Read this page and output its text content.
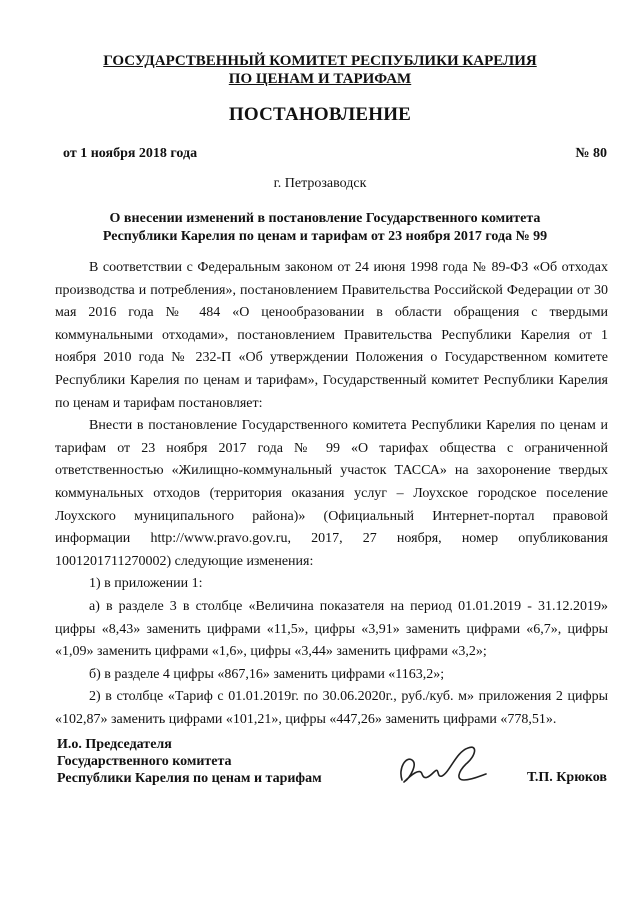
ГОСУДАРСТВЕННЫЙ КОМИТЕТ РЕСПУБЛИКИ КАРЕЛИЯ
ПО ЦЕНАМ И ТАРИФАМ
ПОСТАНОВЛЕНИЕ
от 1 ноября 2018 года	№ 80
г. Петрозаводск
О внесении изменений в постановление Государственного комитета
Республики Карелия по ценам и тарифам от 23 ноября 2017 года № 99

В соответствии с Федеральным законом от 24 июня 1998 года № 89-ФЗ «Об отходах производства и потребления», постановлением Правительства Российской Федерации от 30 мая 2016 года № 484 «О ценообразовании в области обращения с твердыми коммунальными отходами», постановлением Правительства Республики Карелия от 1 ноября 2010 года № 232-П «Об утверждении Положения о Государственном комитете Республики Карелия по ценам и тарифам», Государственный комитет Республики Карелия по ценам и тарифам постановляет:

Внести в постановление Государственного комитета Республики Карелия по ценам и тарифам от 23 ноября 2017 года № 99 «О тарифах общества с ограниченной ответственностью «Жилищно-коммунальный участок ТАССА» на захоронение твердых коммунальных отходов (территория оказания услуг – Лоухское городское поселение Лоухского муниципального района)» (Официальный Интернет-портал правовой информации http://www.pravo.gov.ru, 2017, 27 ноября, номер опубликования 1001201711270002) следующие изменения:

1) в приложении 1:

а) в разделе 3 в столбце «Величина показателя на период 01.01.2019 - 31.12.2019» цифры «8,43» заменить цифрами «11,5», цифры «3,91» заменить цифрами «6,7», цифры «1,09» заменить цифрами «1,6», цифры «3,44» заменить цифрами «3,2»;

б) в разделе 4 цифры «867,16» заменить цифрами «1163,2»;

2) в столбце «Тариф с 01.01.2019г. по 30.06.2020г., руб./куб. м» приложения 2 цифры «102,87» заменить цифрами «101,21», цифры «447,26» заменить цифрами «778,51».

И.о. Председателя
Государственного комитета
Республики Карелия по ценам и тарифам	Т.П. Крюков
